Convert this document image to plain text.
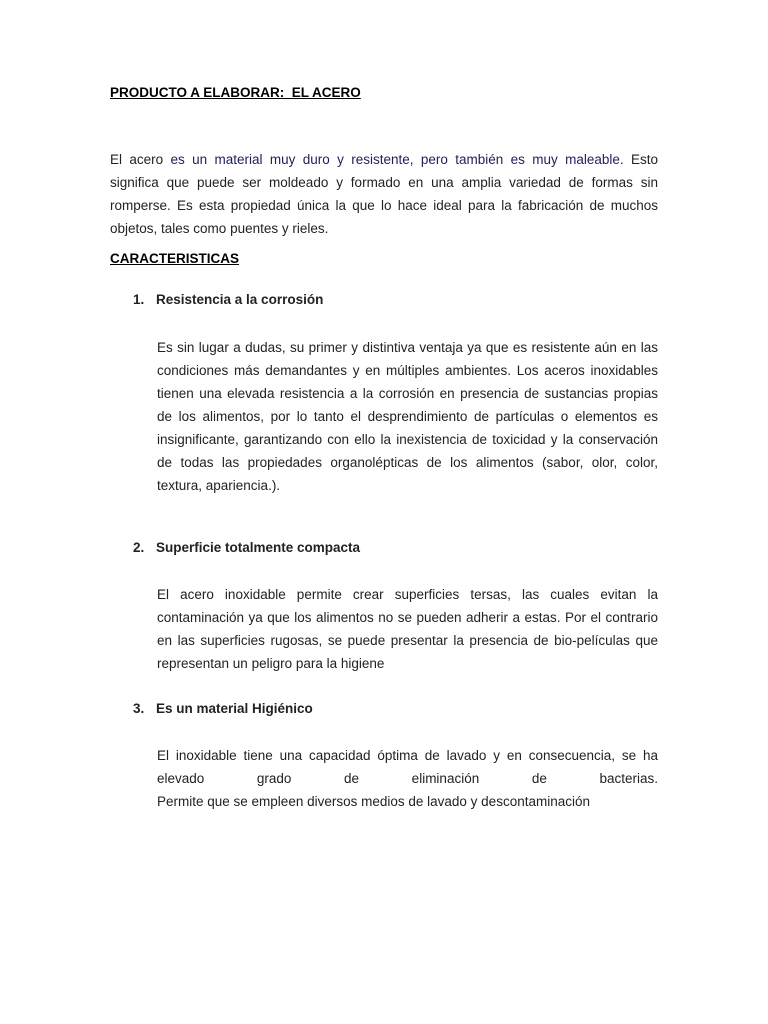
PRODUCTO A ELABORAR:  EL ACERO

El acero es un material muy duro y resistente, pero también es muy maleable. Esto significa que puede ser moldeado y formado en una amplia variedad de formas sin romperse. Es esta propiedad única la que lo hace ideal para la fabricación de muchos objetos, tales como puentes y rieles.

CARACTERISTICAS
1. Resistencia a la corrosión

Es sin lugar a dudas, su primer y distintiva ventaja ya que es resistente aún en las condiciones más demandantes y en múltiples ambientes. Los aceros inoxidables tienen una elevada resistencia a la corrosión en presencia de sustancias propias de los alimentos, por lo tanto el desprendimiento de partículas o elementos es insignificante, garantizando con ello la inexistencia de toxicidad y la conservación de todas las propiedades organolépticas de los alimentos (sabor, olor, color, textura, apariencia.).

2. Superficie totalmente compacta

El acero inoxidable permite crear superficies tersas, las cuales evitan la contaminación ya que los alimentos no se pueden adherir a estas. Por el contrario en las superficies rugosas, se puede presentar la presencia de bio-películas que representan un peligro para la higiene

3. Es un material Higiénico
El inoxidable tiene una capacidad óptima de lavado y en consecuencia, se ha elevado grado de eliminación de bacterias.
Permite que se empleen diversos medios de lavado y descontaminación
